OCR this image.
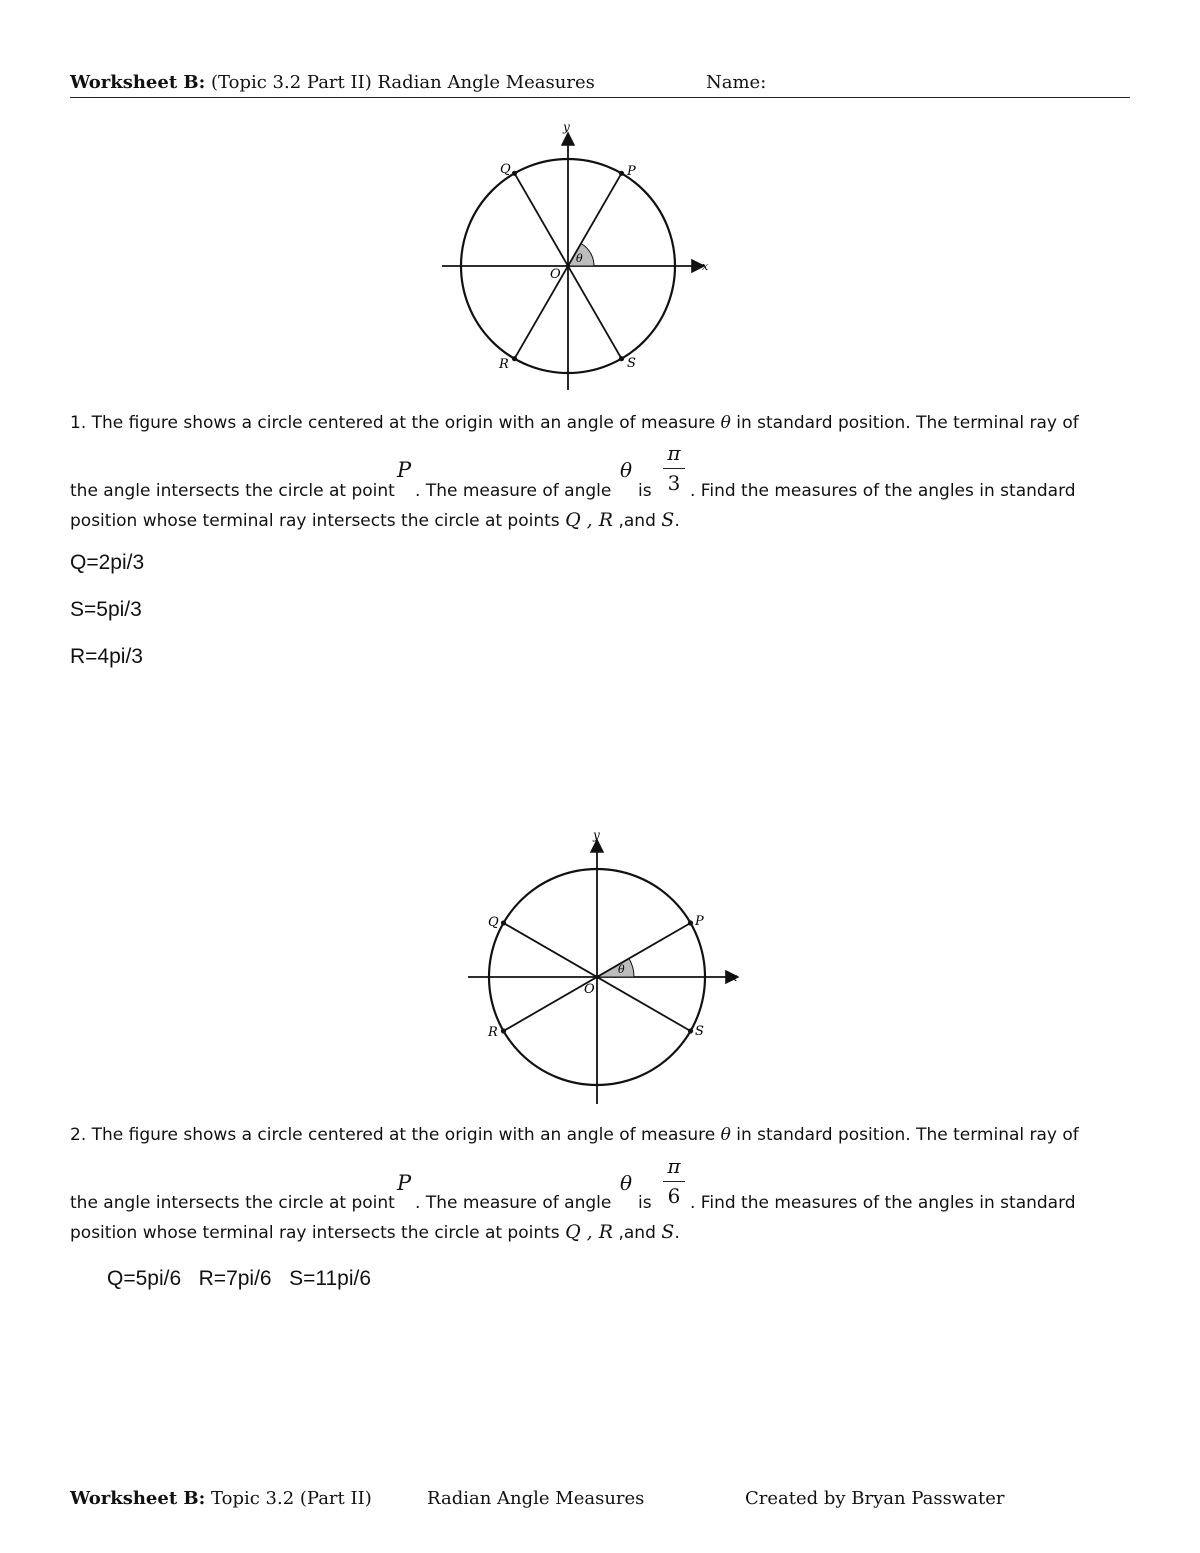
Worksheet B: (Topic 3.2 Part II) Radian Angle Measures	Name:
y
x
O
P
Q
R	S
θ
1. The figure shows a circle centered at the origin with an angle of measure θ in standard position. The terminal ray of
the angle intersects the circle at point
P
. The measure of angle
θ
is
π
3 . Find the measures of the angles in standard
position whose terminal ray intersects the circle at points Q , R ,and S.
Q=2pi/3
S=5pi/3
R=4pi/3
y
x
O
P
Q
R	S
θ
2. The figure shows a circle centered at the origin with an angle of measure θ in standard position. The terminal ray of
the angle intersects the circle at point
P
. The measure of angle
θ
is
π
6 . Find the measures of the angles in standard
position whose terminal ray intersects the circle at points Q , R ,and S.
Q=5pi/6   R=7pi/6   S=11pi/6
Worksheet B: Topic 3.2 (Part II)	Radian Angle Measures	Created by Bryan Passwater
